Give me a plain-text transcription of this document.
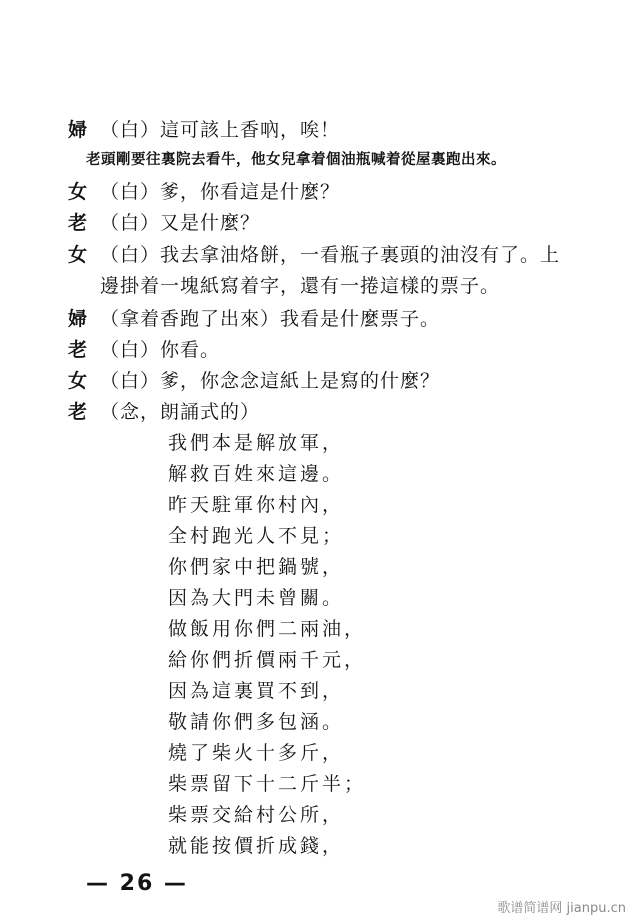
婦 （白）這可該上香吶，唉！
老頭剛要往裏院去看牛，他女兒拿着個油瓶喊着從屋裏跑出來。
女 （白）爹，你看這是什麼？
老 （白）又是什麼？
女 （白）我去拿油烙餅，一看瓶子裏頭的油沒有了。上
邊掛着一塊紙寫着字，還有一捲這樣的票子。
婦 （拿着香跑了出來）我看是什麼票子。
老 （白）你看。
女 （白）爹，你念念這紙上是寫的什麼？
老 （念，朗誦式的）
我們本是解放軍，
解救百姓來這邊。
昨天駐軍你村內，
全村跑光人不見；
你們家中把鍋號，
因為大門未曾關。
做飯用你們二兩油，
給你們折價兩千元，
因為這裏買不到，
敬請你們多包涵。
燒了柴火十多斤，
柴票留下十二斤半；
柴票交給村公所，
就能按價折成錢，
— 26 —
歌谱简谱网 jianpu.cn
